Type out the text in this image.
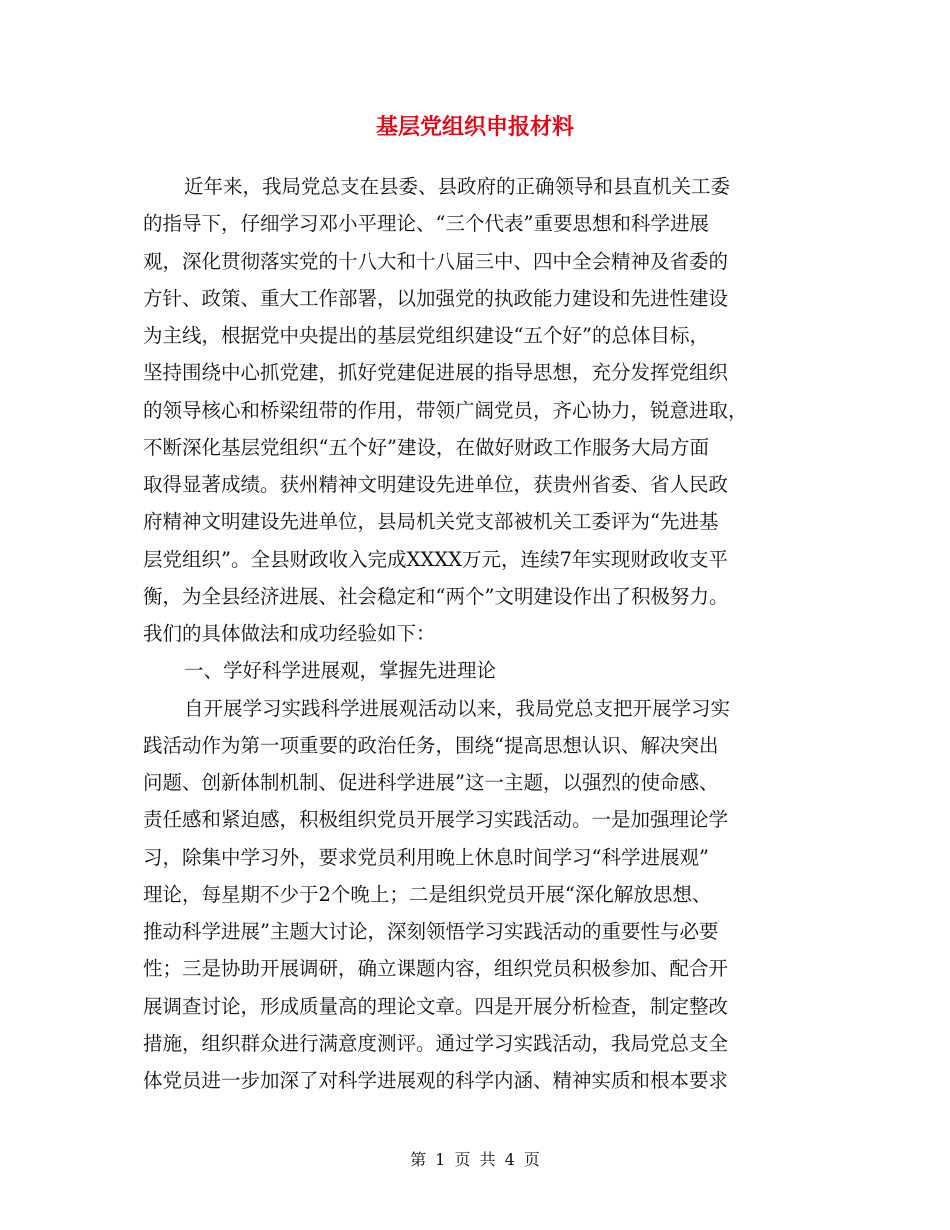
基层党组织申报材料
近年来，我局党总支在县委、县政府的正确领导和县直机关工委
的指导下，仔细学习邓小平理论、“三个代表”重要思想和科学进展
观，深化贯彻落实党的十八大和十八届三中、四中全会精神及省委的
方针、政策、重大工作部署，以加强党的执政能力建设和先进性建设
为主线，根据党中央提出的基层党组织建设“五个好”的总体目标，
坚持围绕中心抓党建，抓好党建促进展的指导思想，充分发挥党组织
的领导核心和桥梁纽带的作用，带领广阔党员，齐心协力，锐意进取，
不断深化基层党组织“五个好”建设，在做好财政工作服务大局方面
取得显著成绩。获州精神文明建设先进单位，获贵州省委、省人民政
府精神文明建设先进单位，县局机关党支部被机关工委评为“先进基
层党组织”。全县财政收入完成XXXX万元，连续7年实现财政收支平
衡，为全县经济进展、社会稳定和“两个”文明建设作出了积极努力。
我们的具体做法和成功经验如下：
一、学好科学进展观，掌握先进理论
自开展学习实践科学进展观活动以来，我局党总支把开展学习实
践活动作为第一项重要的政治任务，围绕“提高思想认识、解决突出
问题、创新体制机制、促进科学进展”这一主题，以强烈的使命感、
责任感和紧迫感，积极组织党员开展学习实践活动。一是加强理论学
习，除集中学习外，要求党员利用晚上休息时间学习“科学进展观”
理论，每星期不少于2个晚上；二是组织党员开展“深化解放思想、
推动科学进展”主题大讨论，深刻领悟学习实践活动的重要性与必要
性；三是协助开展调研，确立课题内容，组织党员积极参加、配合开
展调查讨论，形成质量高的理论文章。四是开展分析检查，制定整改
措施，组织群众进行满意度测评。通过学习实践活动，我局党总支全
体党员进一步加深了对科学进展观的科学内涵、精神实质和根本要求
第 1 页 共 4 页
